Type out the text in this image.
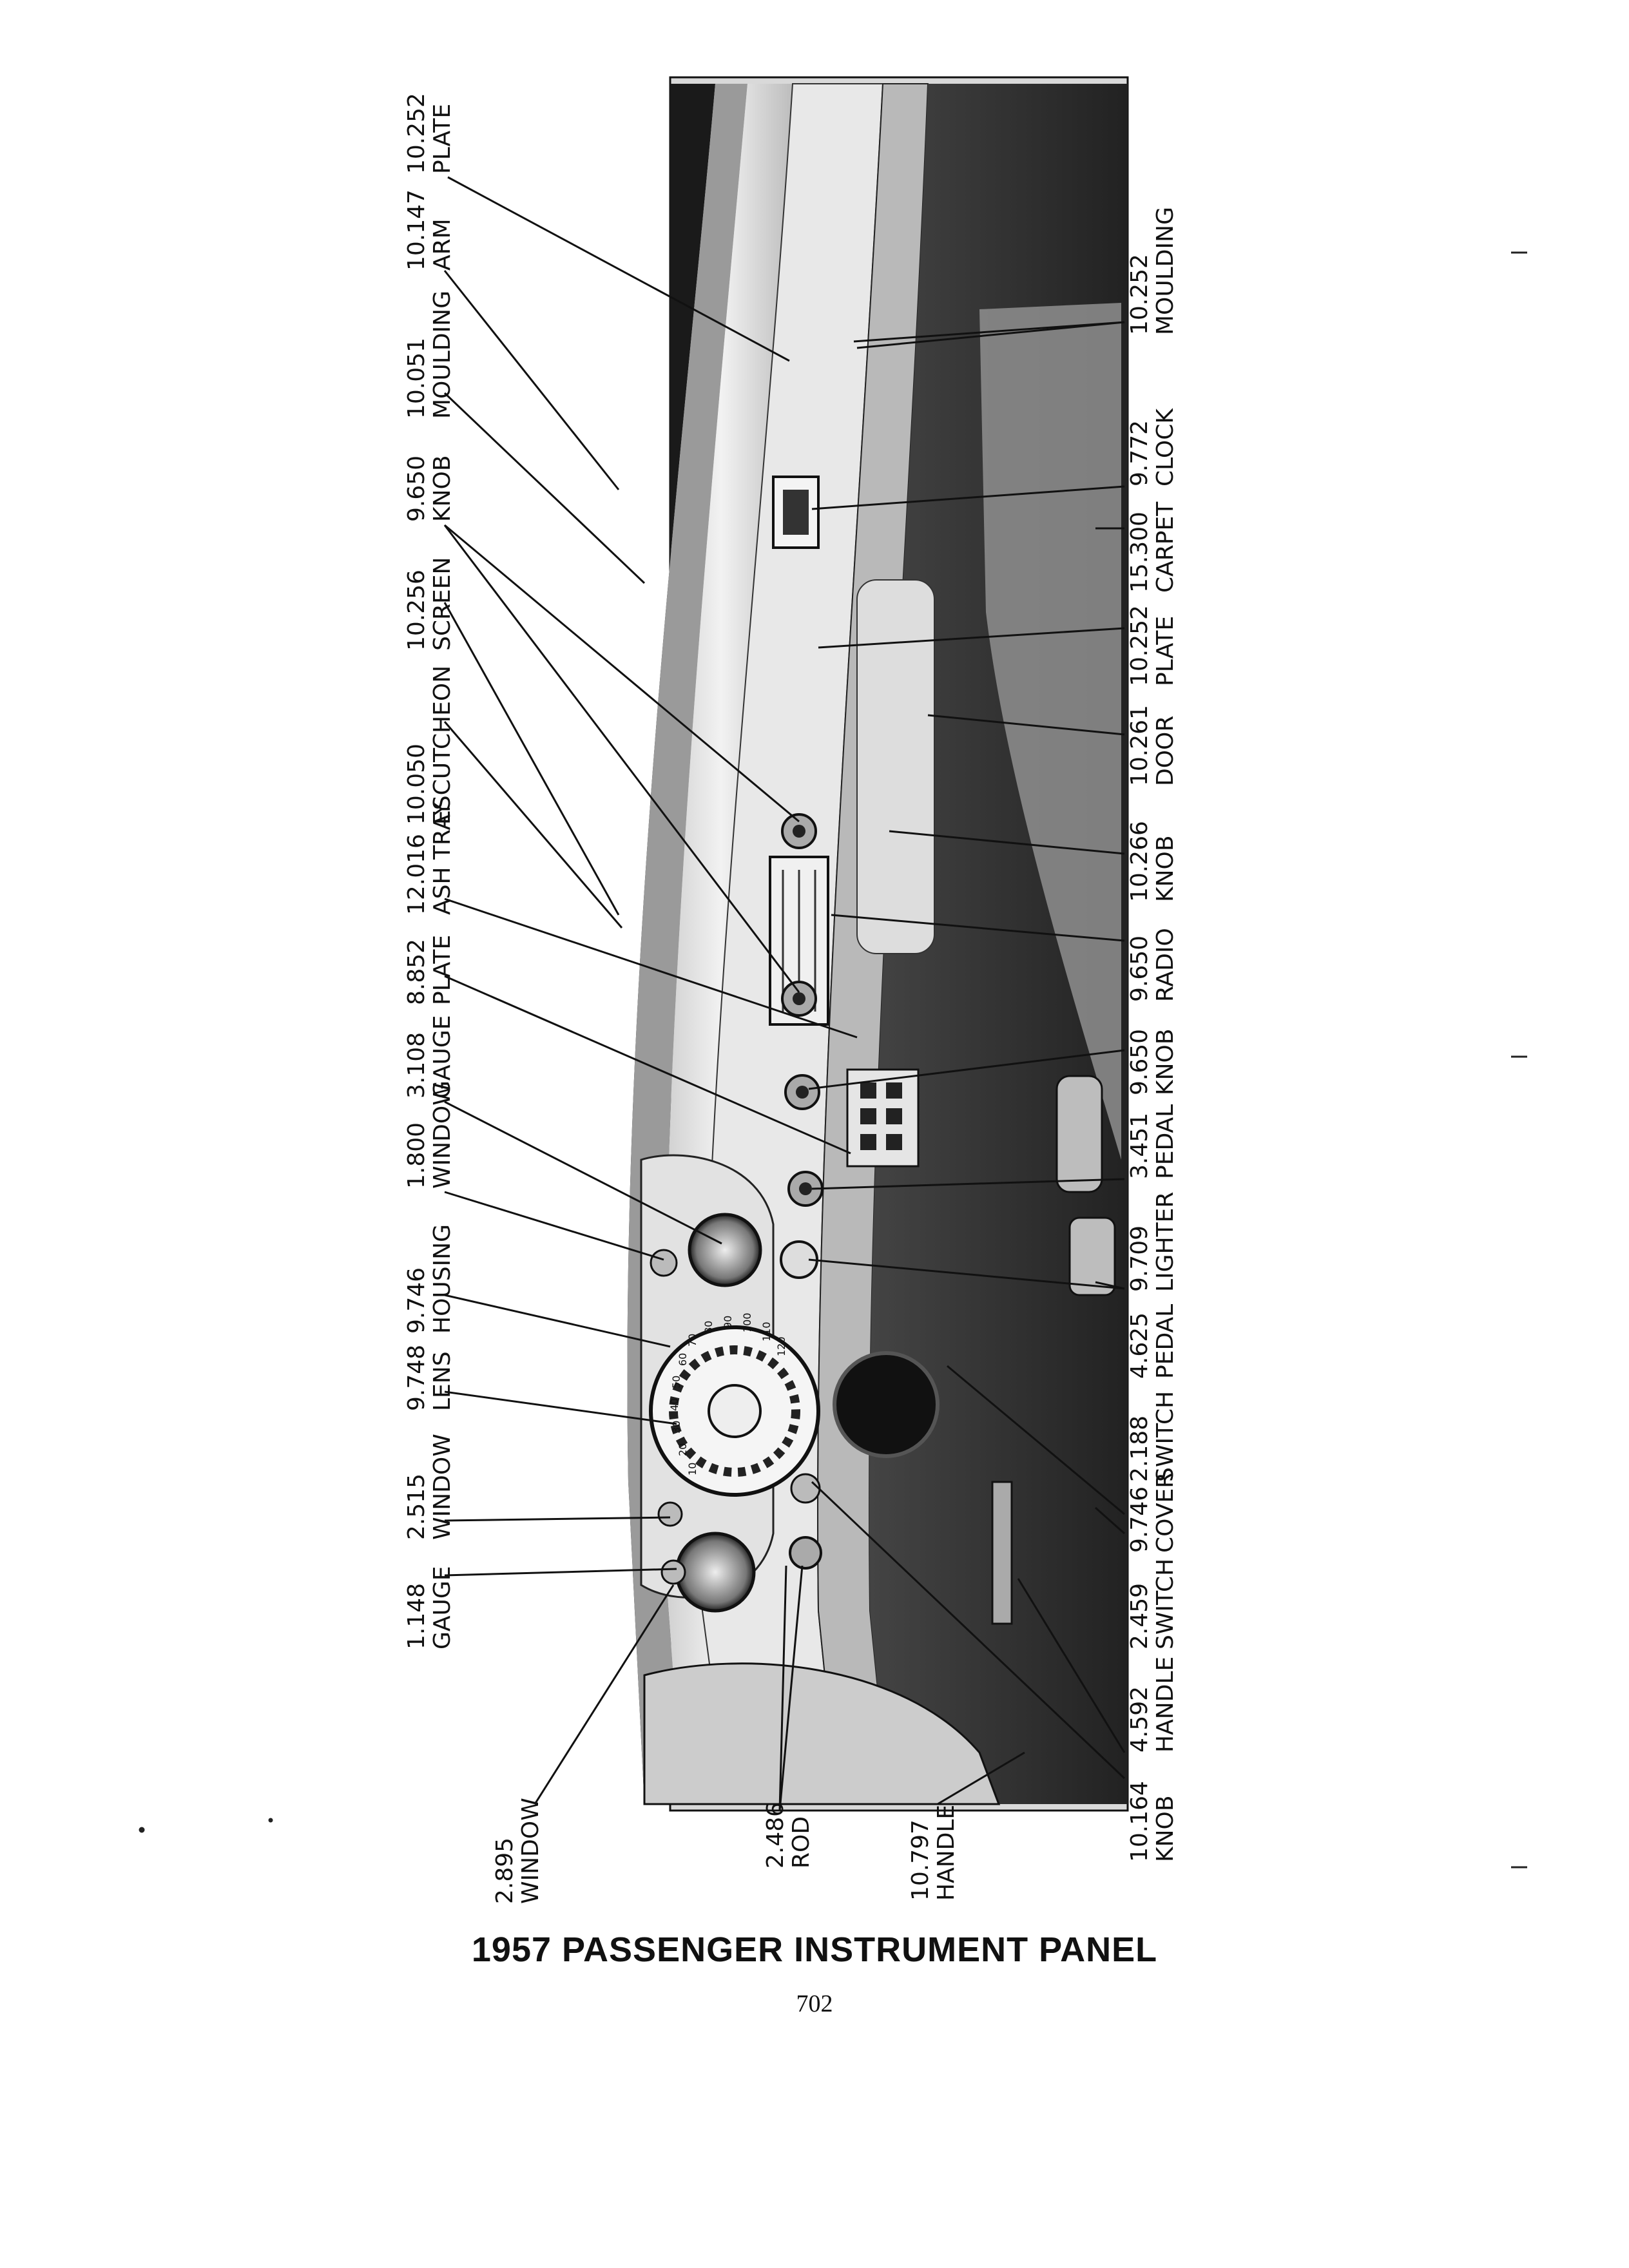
10.252 PLATE
10.147 ARM
10.051 MOULDING
9.650 KNOB
10.256 SCREEN
10.050 ESCUTCHEON
12.016 ASH TRAY
8.852 PLATE
3.108 GAUGE
1.800 WINDOW
9.746 HOUSING
9.748 LENS
2.515 WINDOW
1.148 GAUGE
10.252 MOULDING
9.772 CLOCK
15.300 CARPET
10.252 PLATE
10.261 DOOR
10.266 KNOB
9.650 RADIO
9.650 KNOB
3.451 PEDAL
9.709 LIGHTER
4.625 PEDAL
2.188 SWITCH
9.746 COVER
2.459 SWITCH
4.592 HANDLE
10.164 KNOB
2.895 WINDOW	2.486 ROD	10.797 HANDLE
10
20
30
40
50
60
70
80 90 100 110
120
1957 PASSENGER INSTRUMENT PANEL
702
